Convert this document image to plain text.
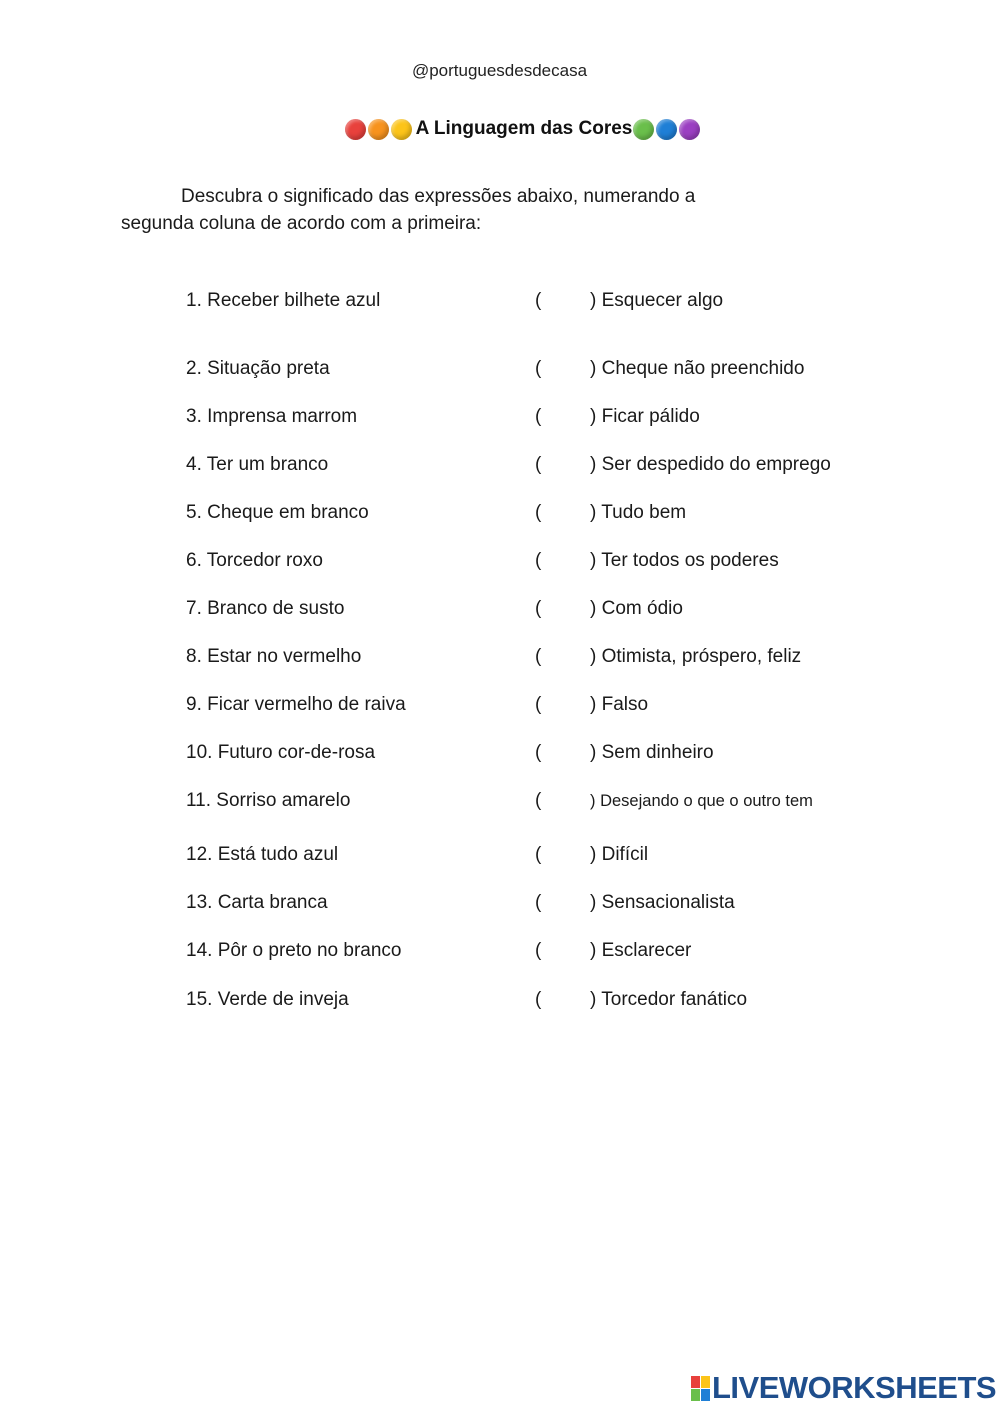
@portuguesdesdecasa
A Linguagem das Cores
Descubra o significado das expressões abaixo, numerando a
segunda coluna de acordo com a primeira:
1. Receber bilhete azul	(	) Esquecer algo
2. Situação preta	(	) Cheque não preenchido
3. Imprensa marrom	(	) Ficar pálido
4. Ter um branco	(	) Ser despedido do emprego
5. Cheque em branco	(	) Tudo bem
6. Torcedor roxo	(	) Ter todos os poderes
7. Branco de susto	(	) Com ódio
8. Estar no vermelho	(	) Otimista, próspero, feliz
9. Ficar vermelho de raiva	(	) Falso
10. Futuro cor-de-rosa	(	) Sem dinheiro
11. Sorriso amarelo	(	) Desejando o que o outro tem
12. Está tudo azul	(	) Difícil
13. Carta branca	(	) Sensacionalista
14. Pôr o preto no branco	(	) Esclarecer
15. Verde de inveja	(	) Torcedor fanático
LIVEWORKSHEETS
